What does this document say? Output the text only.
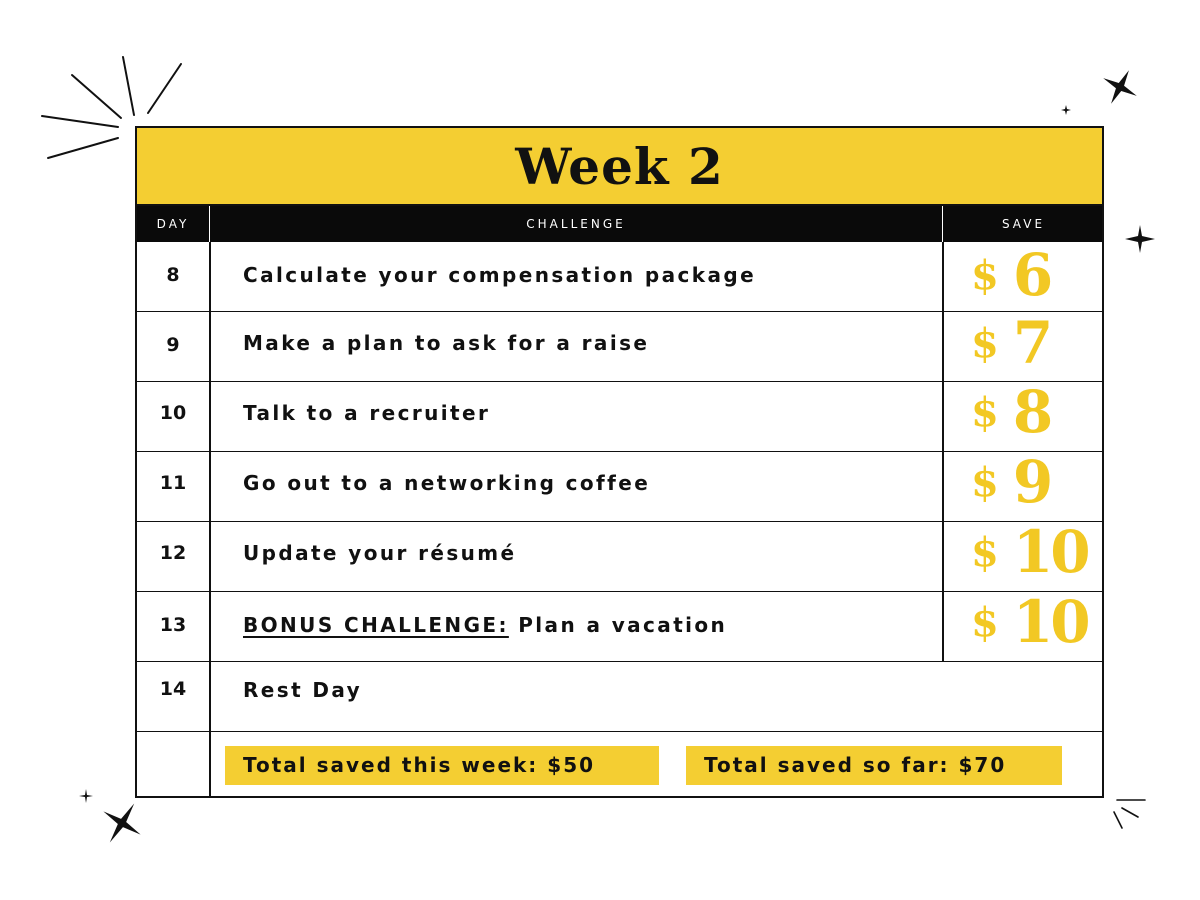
Week 2
DAY	CHALLENGE	SAVE
8	Calculate your compensation package	$ 6
9	Make a plan to ask for a raise	$ 7
10	Talk to a recruiter	$ 8
11	Go out to a networking coffee	$ 9
12	Update your résumé	$ 10
13	BONUS CHALLENGE: Plan a vacation	$ 10
14	Rest Day
Total saved this week: $50	Total saved so far: $70
